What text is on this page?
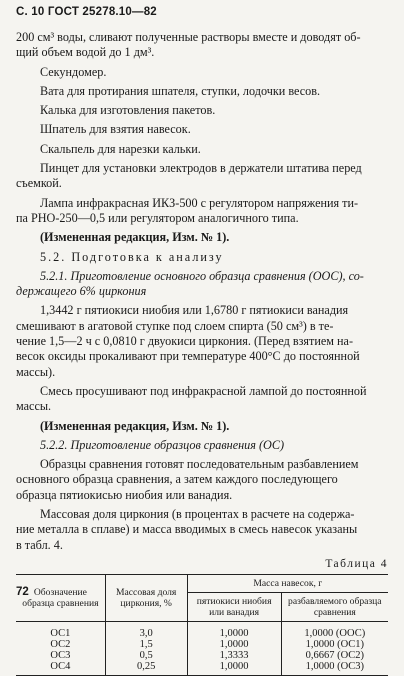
С. 10 ГОСТ 25278.10—82

200 см³ воды, сливают полученные растворы вместе и доводят об-
щий объем водой до 1 дм³.

Секундомер.

Вата для протирания шпателя, ступки, лодочки весов.

Калька для изготовления пакетов.

Шпатель для взятия навесок.

Скальпель для нарезки кальки.

Пинцет для установки электродов в держатели штатива перед
съемкой.

Лампа инфракрасная ИКЗ-500 с регулятором напряжения ти-
па РНО-250—0,5 или регулятором аналогичного типа.

(Измененная редакция, Изм. № 1).

5.2. Подготовка к анализу

5.2.1. Приготовление основного образца сравнения (ООС), со-
держащего 6% циркония

1,3442 г пятиокиси ниобия или 1,6780 г пятиокиси ванадия
смешивают в агатовой ступке под слоем спирта (50 см³) в те-
чение 1,5—2 ч с 0,0810 г двуокиси циркония. (Перед взятием на-
весок оксиды прокаливают при температуре 400°С до постоянной
массы).

Смесь просушивают под инфракрасной лампой до постоянной
массы.

(Измененная редакция, Изм. № 1).

5.2.2. Приготовление образцов сравнения (ОС)

Образцы сравнения готовят последовательным разбавлением
основного образца сравнения, а затем каждого последующего
образца пятиокисью ниобия или ванадия.

Массовая доля циркония (в процентах в расчете на содержа-
ние металла в сплаве) и масса вводимых в смесь навесок указаны
в табл. 4.

Таблица 4
Обозначение образца сравнения	Массовая доля циркония, %	Масса навесок, г	
		пятиокиси ниобия или ванадия	разбавляемого образца сравнения
ОС1	3,0	1,0000	1,0000 (ООС)
ОС2	1,5	1,0000	1,0000 (ОС1)
ОС3	0,5	1,3333	0,6667 (ОС2)
ОС4	0,25	1,0000	1,0000 (ОС3)
72
